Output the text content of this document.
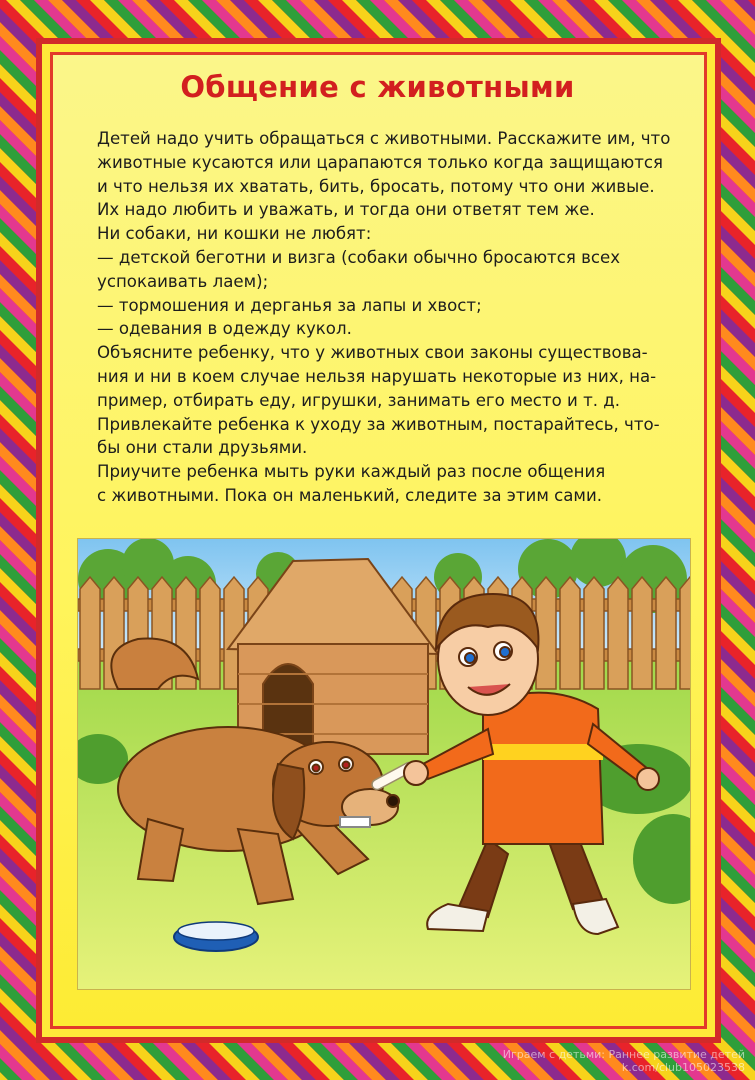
Общение с животными
Детей надо учить обращаться с животными. Расскажите им, что
животные кусаются или царапаются только когда защищаются
и что нельзя их хватать, бить, бросать, потому что они живые.
Их надо любить и уважать, и тогда они ответят тем же.
Ни собаки, ни кошки не любят:
— детской беготни и визга (собаки обычно бросаются всех
успокаивать лаем);
— тормошения и дерганья за лапы и хвост;
— одевания в одежду кукол.
Объясните ребенку, что у животных свои законы существова-
ния и ни в коем случае нельзя нарушать некоторые из них, на-
пример, отбирать еду, игрушки, занимать его место и т. д.
Привлекайте ребенка к уходу за животным, постарайтесь, что-
бы они стали друзьями.
Приучите ребенка мыть руки каждый раз после общения
с животными. Пока он маленький, следите за этим сами.
Играем с детьми: Раннее развитие детей
k.com/club105023538
